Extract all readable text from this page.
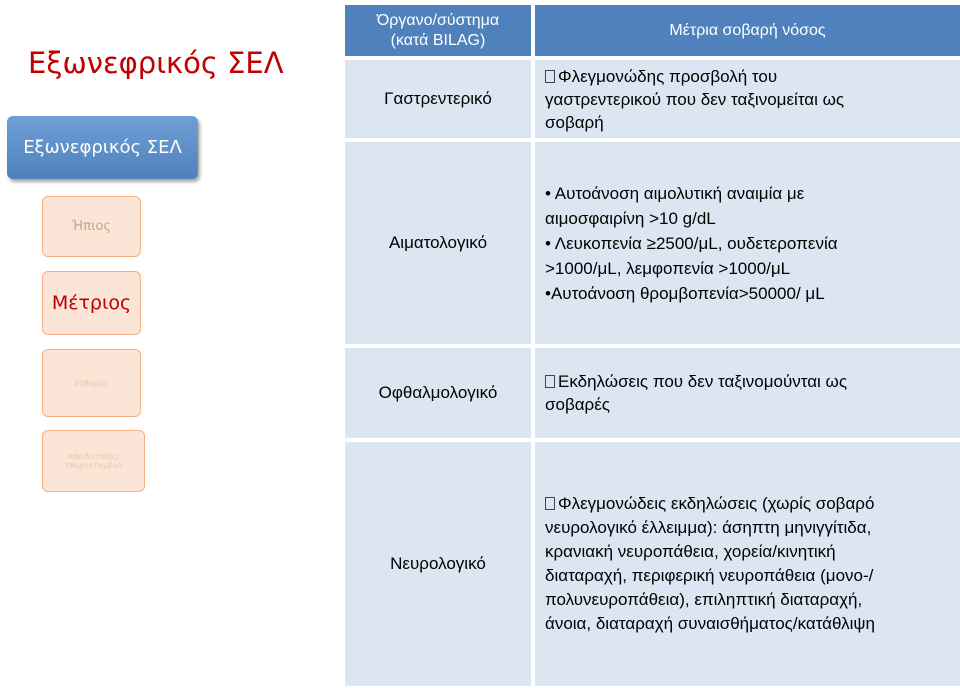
Εξωνεφρικός ΣΕΛ
Εξωνεφρικός ΣΕΛ
Ήπιος
Μέτριος
Σοβαρός
Απειλητικός/Υπερτεταμένη
Όργανο/σύστημα
(κατά BILAG)
Μέτρια σοβαρή νόσος
Γαστρεντερικό
Φλεγμονώδης προσβολή του
γαστρεντερικού που δεν ταξινομείται ως
σοβαρή
Αιματολογικό
• Αυτοάνοση αιμολυτική αναιμία με
αιμοσφαιρίνη >10 g/dL
• Λευκοπενία ≥2500/μL, ουδετεροπενία
>1000/μL, λεμφοπενία >1000/μL
•Αυτοάνοση θρομβοπενία>50000/ μL
Οφθαλμολογικό
Εκδηλώσεις που δεν ταξινομούνται ως
σοβαρές
Νευρολογικό
Φλεγμονώδεις εκδηλώσεις (χωρίς σοβαρό
νευρολογικό έλλειμμα): άσηπτη μηνιγγίτιδα,
κρανιακή νευροπάθεια, χορεία/κινητική
διαταραχή, περιφερική νευροπάθεια (μονο-/
πολυνευροπάθεια), επιληπτική διαταραχή,
άνοια, διαταραχή συναισθήματος/κατάθλιψη
